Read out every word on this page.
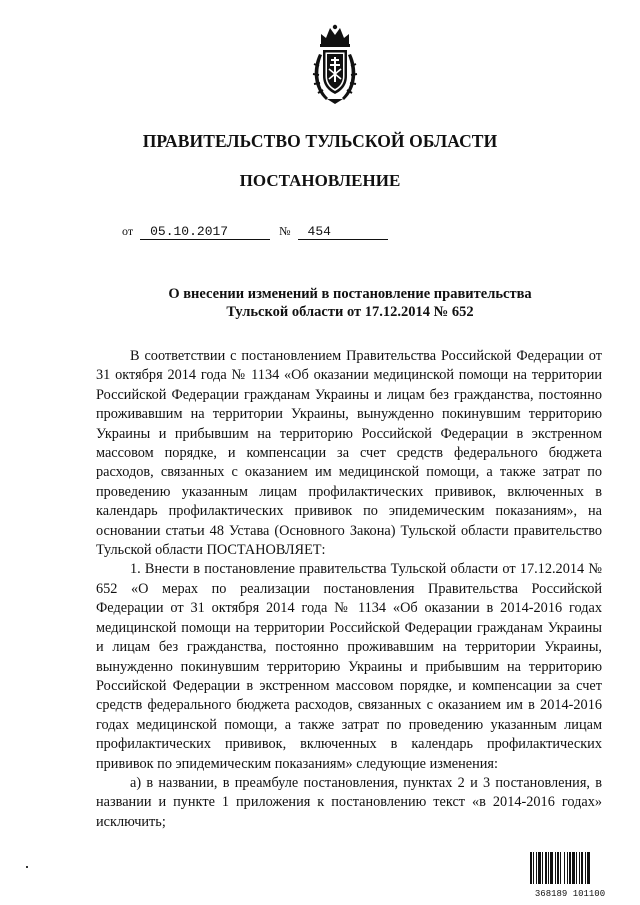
ПРАВИТЕЛЬСТВО ТУЛЬСКОЙ ОБЛАСТИ
ПОСТАНОВЛЕНИЕ
от 05.10.2017	№ 454
О внесении изменений в постановление правительства
Тульской области от 17.12.2014 № 652

В соответствии с постановлением Правительства Российской Федерации от 31 октября 2014 года № 1134 «Об оказании медицинской помощи на территории Российской Федерации гражданам Украины и лицам без гражданства, постоянно проживавшим на территории Украины, вынужденно покинувшим территорию Украины и прибывшим на территорию Российской Федерации в экстренном массовом порядке, и компенсации за счет средств федерального бюджета расходов, связанных с оказанием им медицинской помощи, а также затрат по проведению указанным лицам профилактических прививок, включенных в календарь профилактических прививок по эпидемическим показаниям», на основании статьи 48 Устава (Основного Закона) Тульской области правительство Тульской области ПОСТАНОВЛЯЕТ:

1. Внести в постановление правительства Тульской области от 17.12.2014 № 652 «О мерах по реализации постановления Правительства Российской Федерации от 31 октября 2014 года № 1134 «Об оказании в 2014-2016 годах медицинской помощи на территории Российской Федерации гражданам Украины и лицам без гражданства, постоянно проживавшим на территории Украины, вынужденно покинувшим территорию Украины и прибывшим на территорию Российской Федерации в экстренном массовом порядке, и компенсации за счет средств федерального бюджета расходов, связанных с оказанием им в 2014-2016 годах медицинской помощи, а также затрат по проведению указанным лицам профилактических прививок, включенных в календарь профилактических прививок по эпидемическим показаниям» следующие изменения:

а) в названии, в преамбуле постановления, пунктах 2 и 3 постановления, в названии и пункте 1 приложения к постановлению текст «в 2014-2016 годах» исключить;

368189 101100
